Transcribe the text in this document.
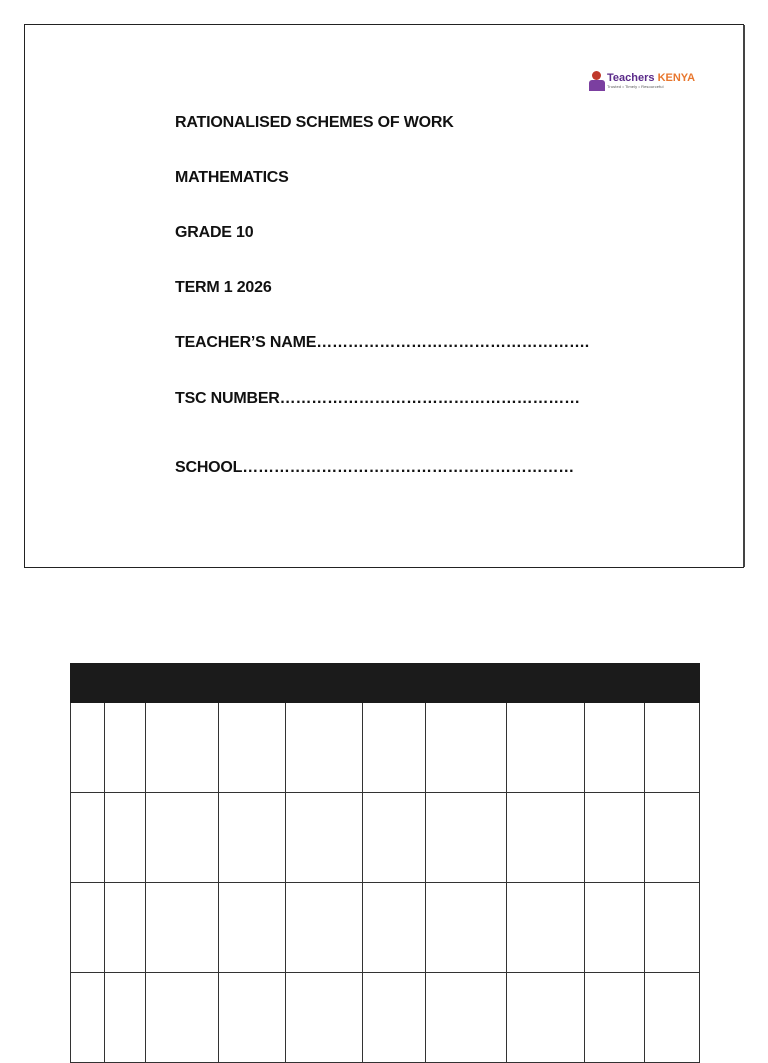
Teachers KENYA
Trusted • Timely • Resourceful
RATIONALISED SCHEMES OF WORK
MATHEMATICS
GRADE 10
TERM 1 2026
TEACHER’S NAME…………………………………………….
TSC NUMBER…………………………………………………
SCHOOL………………………………………………………
